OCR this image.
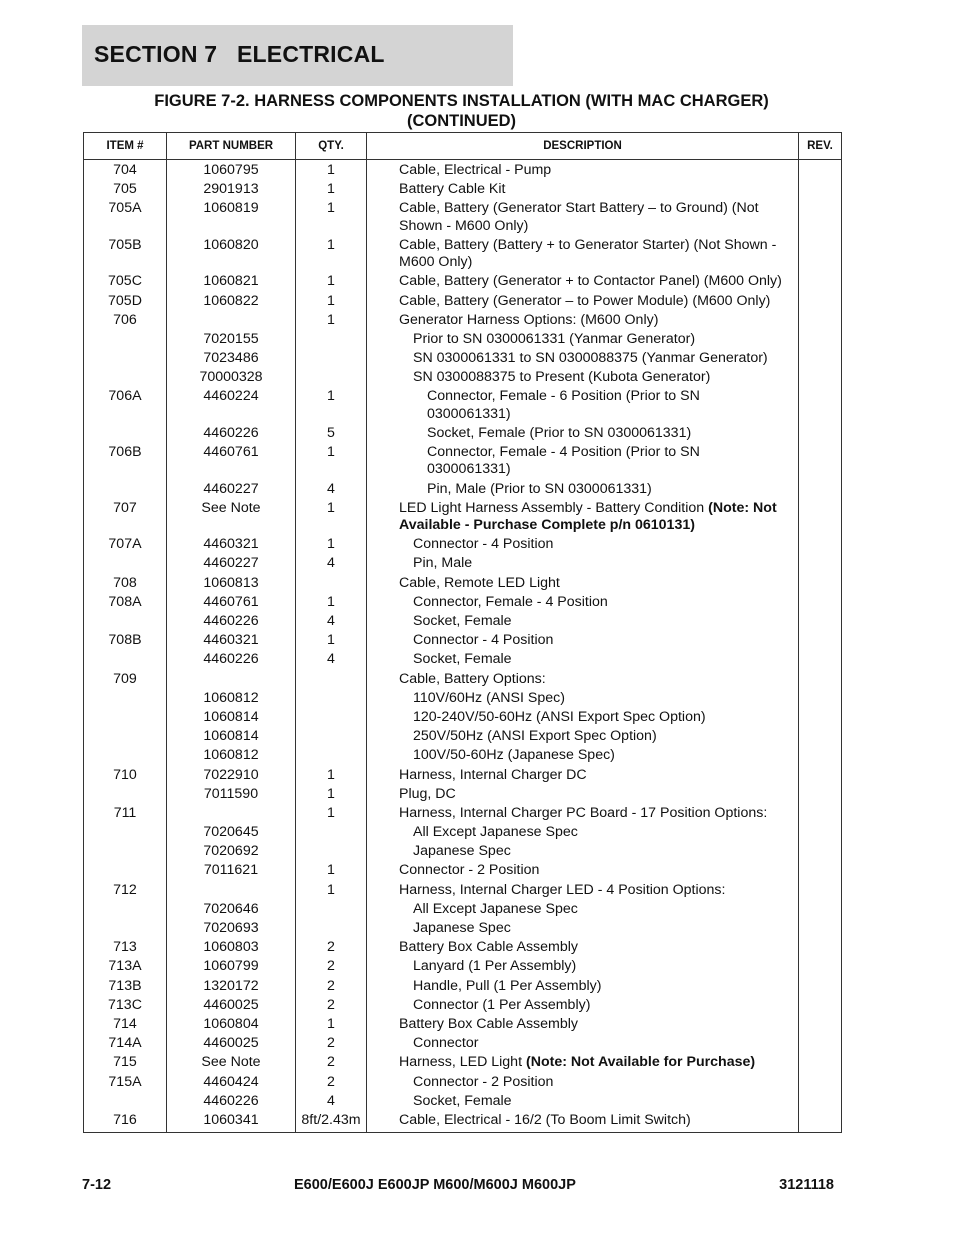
SECTION 7   ELECTRICAL
FIGURE 7-2. HARNESS COMPONENTS INSTALLATION (WITH MAC CHARGER)
(CONTINUED)
ITEM #	PART NUMBER	QTY.	DESCRIPTION	REV.
704	1060795	1	Cable, Electrical - Pump	

705	2901913	1	Battery Cable Kit	

705A	1060819	1	Cable, Battery (Generator Start Battery – to Ground) (Not Shown - M600 Only)	

705B	1060820	1	Cable, Battery (Battery + to Generator Starter) (Not Shown - M600 Only)	

705C	1060821	1	Cable, Battery (Generator + to Contactor Panel) (M600 Only)	

705D	1060822	1	Cable, Battery (Generator – to Power Module) (M600 Only)	

706		1	Generator Harness Options: (M600 Only)	

	7020155		Prior to SN 0300061331 (Yanmar Generator)	

	7023486		SN 0300061331 to SN 0300088375 (Yanmar Generator)	

	70000328		SN 0300088375 to Present (Kubota Generator)	

706A	4460224	1	Connector, Female - 6 Position (Prior to SN 0300061331)	

	4460226	5	Socket, Female (Prior to SN 0300061331)	

706B	4460761	1	Connector, Female - 4 Position (Prior to SN 0300061331)	

	4460227	4	Pin, Male (Prior to SN 0300061331)	

707	See Note	1	LED Light Harness Assembly - Battery Condition (Note: Not Available - Purchase Complete p/n 0610131)	

707A	4460321	1	Connector - 4 Position	

	4460227	4	Pin, Male	

708	1060813		Cable, Remote LED Light	

708A	4460761	1	Connector, Female - 4 Position	

	4460226	4	Socket, Female	

708B	4460321	1	Connector - 4 Position	

	4460226	4	Socket, Female	

709			Cable, Battery Options:	

	1060812		110V/60Hz (ANSI Spec)	

	1060814		120-240V/50-60Hz (ANSI Export Spec Option)	

	1060814		250V/50Hz (ANSI Export Spec Option)	

	1060812		100V/50-60Hz (Japanese Spec)	

710	7022910	1	Harness, Internal Charger DC	

	7011590	1	Plug, DC	

711		1	Harness, Internal Charger PC Board - 17 Position Options:	

	7020645		All Except Japanese Spec	

	7020692		Japanese Spec	

	7011621	1	Connector - 2 Position	

712		1	Harness, Internal Charger LED - 4 Position Options:	

	7020646		All Except Japanese Spec	

	7020693		Japanese Spec	

713	1060803	2	Battery Box Cable Assembly	

713A	1060799	2	Lanyard (1 Per Assembly)	

713B	1320172	2	Handle, Pull (1 Per Assembly)	

713C	4460025	2	Connector (1 Per Assembly)	

714	1060804	1	Battery Box Cable Assembly	

714A	4460025	2	Connector	

715	See Note	2	Harness, LED Light (Note: Not Available for Purchase)	

715A	4460424	2	Connector - 2 Position	

	4460226	4	Socket, Female	

716	1060341	8ft/2.43m	Cable, Electrical - 16/2 (To Boom Limit Switch)	

7-12	E600/E600J E600JP M600/M600J M600JP	3121118
